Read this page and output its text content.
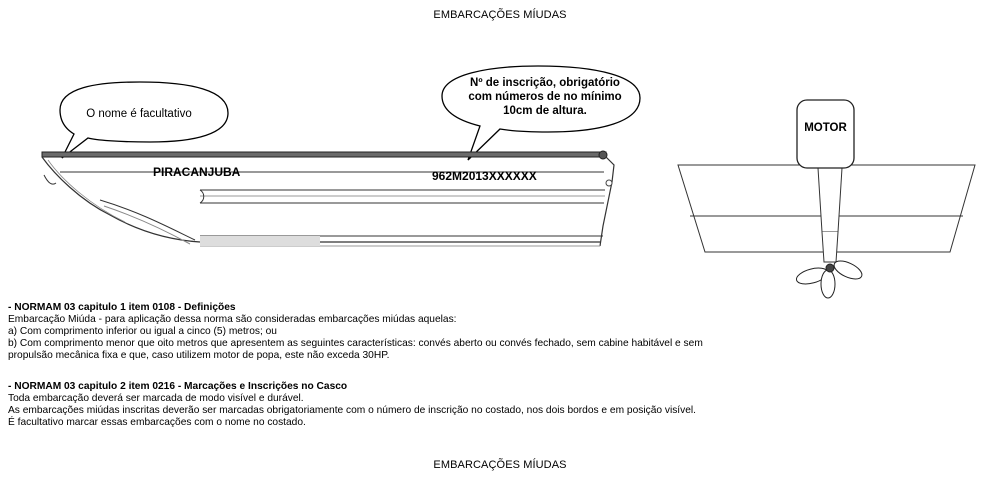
EMBARCAÇÕES MÍUDAS
O nome é facultativo
Nº de inscrição, obrigatório
com números de no mínimo
10cm de altura.
PIRACANJUBA	962M2013XXXXXX
MOTOR

- NORMAM 03 capitulo 1 item 0108 - Definições

Embarcação Miúda - para aplicação dessa norma são consideradas embarcações miúdas aquelas:

a) Com comprimento inferior ou igual a cinco (5) metros; ou

b) Com comprimento menor que oito metros que apresentem as seguintes características: convés aberto ou convés fechado, sem cabine habitável e sem

propulsão mecânica fixa e que, caso utilizem motor de popa, este não exceda 30HP.

- NORMAM 03 capitulo 2 item 0216 - Marcações e Inscrições no Casco

Toda embarcação deverá ser marcada de modo visível e durável.

As embarcações miúdas inscritas deverão ser marcadas obrigatoriamente com o número de inscrição no costado, nos dois bordos e em posição visível.

É facultativo marcar essas embarcações com o nome no costado.

EMBARCAÇÕES MÍUDAS
